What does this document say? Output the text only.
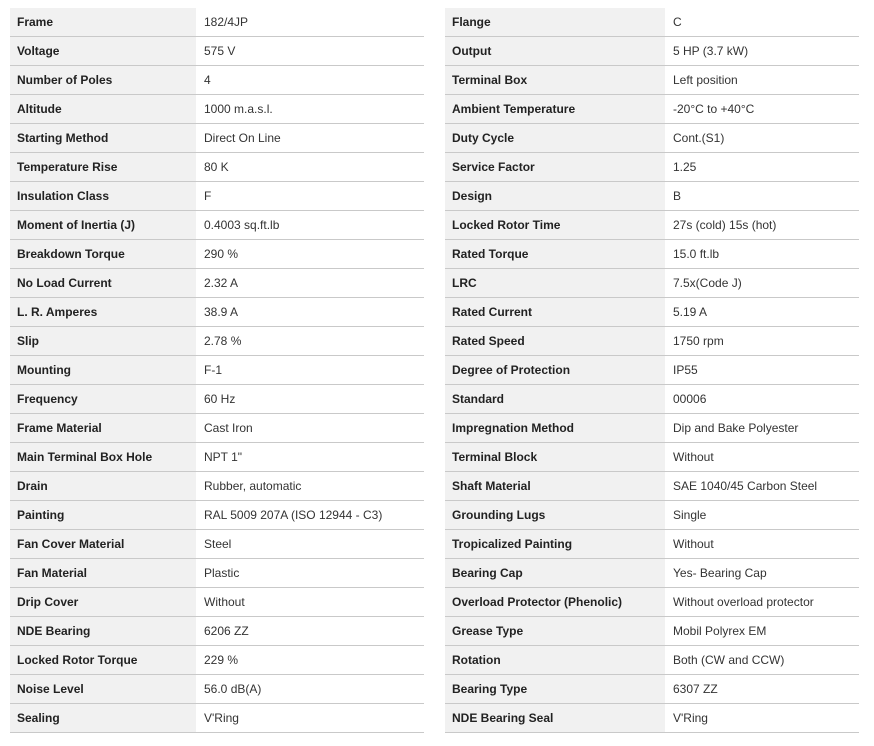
Frame	182/4JP
Voltage	575 V
Number of Poles	4
Altitude	1000 m.a.s.l.
Starting Method	Direct On Line
Temperature Rise	80 K
Insulation Class	F
Moment of Inertia (J)	0.4003 sq.ft.lb
Breakdown Torque	290 %
No Load Current	2.32 A
L. R. Amperes	38.9 A
Slip	2.78 %
Mounting	F-1
Frequency	60 Hz
Frame Material	Cast Iron
Main Terminal Box Hole	NPT 1"
Drain	Rubber, automatic
Painting	RAL 5009 207A (ISO 12944 - C3)
Fan Cover Material	Steel
Fan Material	Plastic
Drip Cover	Without
NDE Bearing	6206 ZZ
Locked Rotor Torque	229 %
Noise Level	56.0 dB(A)
Sealing	V'Ring
Flange	C
Output	5 HP (3.7 kW)
Terminal Box	Left position
Ambient Temperature	-20°C to +40°C
Duty Cycle	Cont.(S1)
Service Factor	1.25
Design	B
Locked Rotor Time	27s (cold) 15s (hot)
Rated Torque	15.0 ft.lb
LRC	7.5x(Code J)
Rated Current	5.19 A
Rated Speed	1750 rpm
Degree of Protection	IP55
Standard	00006
Impregnation Method	Dip and Bake Polyester
Terminal Block	Without
Shaft Material	SAE 1040/45 Carbon Steel
Grounding Lugs	Single
Tropicalized Painting	Without
Bearing Cap	Yes- Bearing Cap
Overload Protector (Phenolic)	Without overload protector
Grease Type	Mobil Polyrex EM
Rotation	Both (CW and CCW)
Bearing Type	6307 ZZ
NDE Bearing Seal	V'Ring
